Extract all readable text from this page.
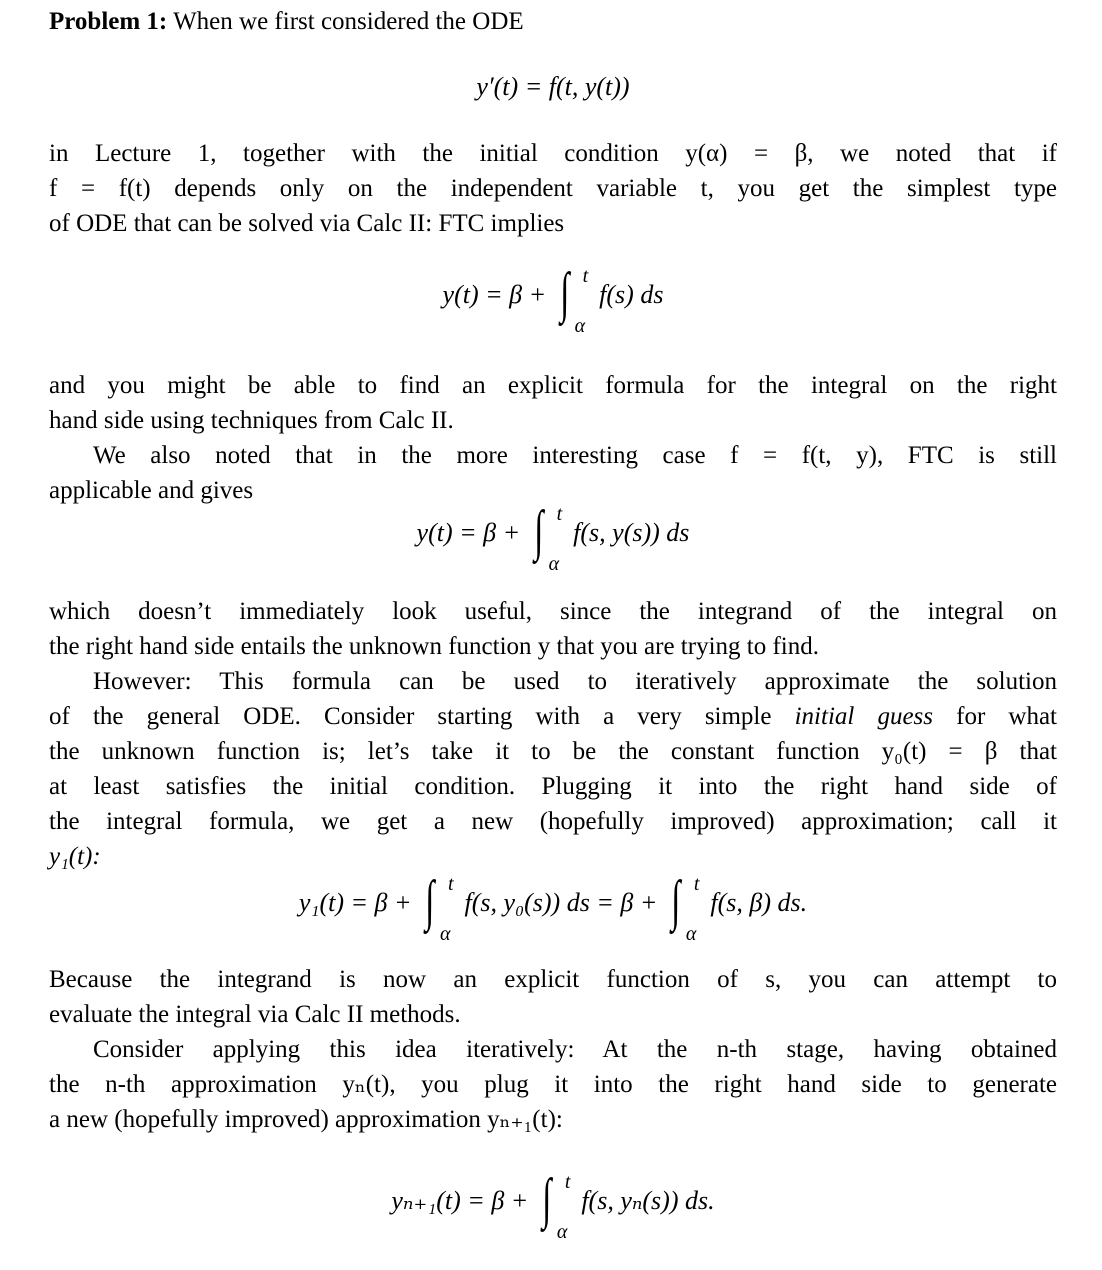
Problem 1: When we first considered the ODE
y′(t) = f(t, y(t))
in Lecture 1, together with the initial condition y(α) = β, we noted that if
f = f(t) depends only on the independent variable t, you get the simplest type
of ODE that can be solved via Calc II: FTC implies
y(t) = β + ∫ t
α
f(s) ds
and you might be able to find an explicit formula for the integral on the right
hand side using techniques from Calc II.
We also noted that in the more interesting case f = f(t, y), FTC is still
applicable and gives
y(t) = β + ∫ t
α
f(s, y(s)) ds
which doesn’t immediately look useful, since the integrand of the integral on
the right hand side entails the unknown function y that you are trying to find.
However: This formula can be used to iteratively approximate the solution
of the general ODE. Consider starting with a very simple initial guess for what
the unknown function is; let’s take it to be the constant function y₀(t) = β that
at least satisfies the initial condition. Plugging it into the right hand side of
the integral formula, we get a new (hopefully improved) approximation; call it
y₁(t):
y₁(t) = β + ∫ t
α
f(s, y₀(s)) ds = β + ∫ t
α
f(s, β) ds.
Because the integrand is now an explicit function of s, you can attempt to
evaluate the integral via Calc II methods.
Consider applying this idea iteratively: At the n-th stage, having obtained
the n-th approximation yₙ(t), you plug it into the right hand side to generate
a new (hopefully improved) approximation yₙ₊₁(t):
yₙ₊₁(t) = β + ∫ t
α
f(s, yₙ(s)) ds.
